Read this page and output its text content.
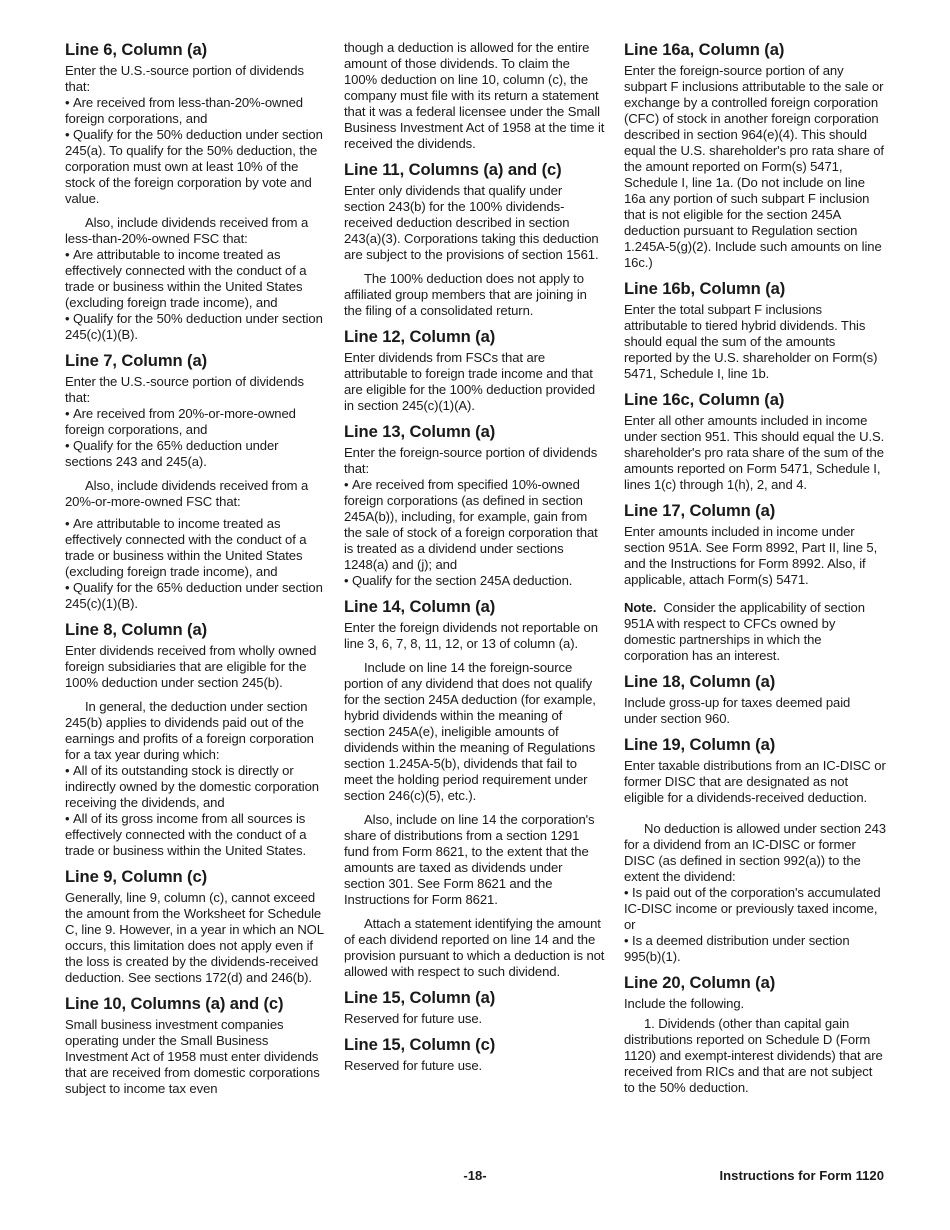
Line 6, Column (a)

Enter the U.S.-source portion of dividends that:

• Are received from less-than-20%-owned foreign corporations, and

• Qualify for the 50% deduction under section 245(a). To qualify for the 50% deduction, the corporation must own at least 10% of the stock of the foreign corporation by vote and value.

Also, include dividends received from a less-than-20%-owned FSC that:

• Are attributable to income treated as effectively connected with the conduct of a trade or business within the United States (excluding foreign trade income), and

• Qualify for the 50% deduction under section 245(c)(1)(B).

Line 7, Column (a)

Enter the U.S.-source portion of dividends that:

• Are received from 20%-or-more-owned foreign corporations, and

• Qualify for the 65% deduction under sections 243 and 245(a).

Also, include dividends received from a 20%-or-more-owned FSC that:

• Are attributable to income treated as effectively connected with the conduct of a trade or business within the United States (excluding foreign trade income), and

• Qualify for the 65% deduction under section 245(c)(1)(B).

Line 8, Column (a)

Enter dividends received from wholly owned foreign subsidiaries that are eligible for the 100% deduction under section 245(b).

In general, the deduction under section 245(b) applies to dividends paid out of the earnings and profits of a foreign corporation for a tax year during which:

• All of its outstanding stock is directly or indirectly owned by the domestic corporation receiving the dividends, and

• All of its gross income from all sources is effectively connected with the conduct of a trade or business within the United States.

Line 9, Column (c)

Generally, line 9, column (c), cannot exceed the amount from the Worksheet for Schedule C, line 9. However, in a year in which an NOL occurs, this limitation does not apply even if the loss is created by the dividends-received deduction. See sections 172(d) and 246(b).

Line 10, Columns (a) and (c)

Small business investment companies operating under the Small Business Investment Act of 1958 must enter dividends that are received from domestic corporations subject to income tax even

though a deduction is allowed for the entire amount of those dividends. To claim the 100% deduction on line 10, column (c), the company must file with its return a statement that it was a federal licensee under the Small Business Investment Act of 1958 at the time it received the dividends.

Line 11, Columns (a) and (c)

Enter only dividends that qualify under section 243(b) for the 100% dividends-received deduction described in section 243(a)(3). Corporations taking this deduction are subject to the provisions of section 1561.

The 100% deduction does not apply to affiliated group members that are joining in the filing of a consolidated return.

Line 12, Column (a)

Enter dividends from FSCs that are attributable to foreign trade income and that are eligible for the 100% deduction provided in section 245(c)(1)(A).

Line 13, Column (a)

Enter the foreign-source portion of dividends that:

• Are received from specified 10%-owned foreign corporations (as defined in section 245A(b)), including, for example, gain from the sale of stock of a foreign corporation that is treated as a dividend under sections 1248(a) and (j); and

• Qualify for the section 245A deduction.

Line 14, Column (a)

Enter the foreign dividends not reportable on line 3, 6, 7, 8, 11, 12, or 13 of column (a).

Include on line 14 the foreign-source portion of any dividend that does not qualify for the section 245A deduction (for example, hybrid dividends within the meaning of section 245A(e), ineligible amounts of dividends within the meaning of Regulations section 1.245A-5(b), dividends that fail to meet the holding period requirement under section 246(c)(5), etc.).

Also, include on line 14 the corporation's share of distributions from a section 1291 fund from Form 8621, to the extent that the amounts are taxed as dividends under section 301. See Form 8621 and the Instructions for Form 8621.

Attach a statement identifying the amount of each dividend reported on line 14 and the provision pursuant to which a deduction is not allowed with respect to such dividend.

Line 15, Column (a)

Reserved for future use.

Line 15, Column (c)

Reserved for future use.

Line 16a, Column (a)

Enter the foreign-source portion of any subpart F inclusions attributable to the sale or exchange by a controlled foreign corporation (CFC) of stock in another foreign corporation described in section 964(e)(4). This should equal the U.S. shareholder's pro rata share of the amount reported on Form(s) 5471, Schedule I, line 1a. (Do not include on line 16a any portion of such subpart F inclusion that is not eligible for the section 245A deduction pursuant to Regulation section 1.245A-5(g)(2). Include such amounts on line 16c.)

Line 16b, Column (a)

Enter the total subpart F inclusions attributable to tiered hybrid dividends. This should equal the sum of the amounts reported by the U.S. shareholder on Form(s) 5471, Schedule I, line 1b.

Line 16c, Column (a)

Enter all other amounts included in income under section 951. This should equal the U.S. shareholder's pro rata share of the sum of the amounts reported on Form 5471, Schedule I, lines 1(c) through 1(h), 2, and 4.

Line 17, Column (a)

Enter amounts included in income under section 951A. See Form 8992, Part II, line 5, and the Instructions for Form 8992. Also, if applicable, attach Form(s) 5471.

Note. Consider the applicability of section 951A with respect to CFCs owned by domestic partnerships in which the corporation has an interest.

Line 18, Column (a)

Include gross-up for taxes deemed paid under section 960.

Line 19, Column (a)

Enter taxable distributions from an IC-DISC or former DISC that are designated as not eligible for a dividends-received deduction.

No deduction is allowed under section 243 for a dividend from an IC-DISC or former DISC (as defined in section 992(a)) to the extent the dividend:

• Is paid out of the corporation's accumulated IC-DISC income or previously taxed income, or

• Is a deemed distribution under section 995(b)(1).

Line 20, Column (a)

Include the following.

1. Dividends (other than capital gain distributions reported on Schedule D (Form 1120) and exempt-interest dividends) that are received from RICs and that are not subject to the 50% deduction.

-18-	Instructions for Form 1120
